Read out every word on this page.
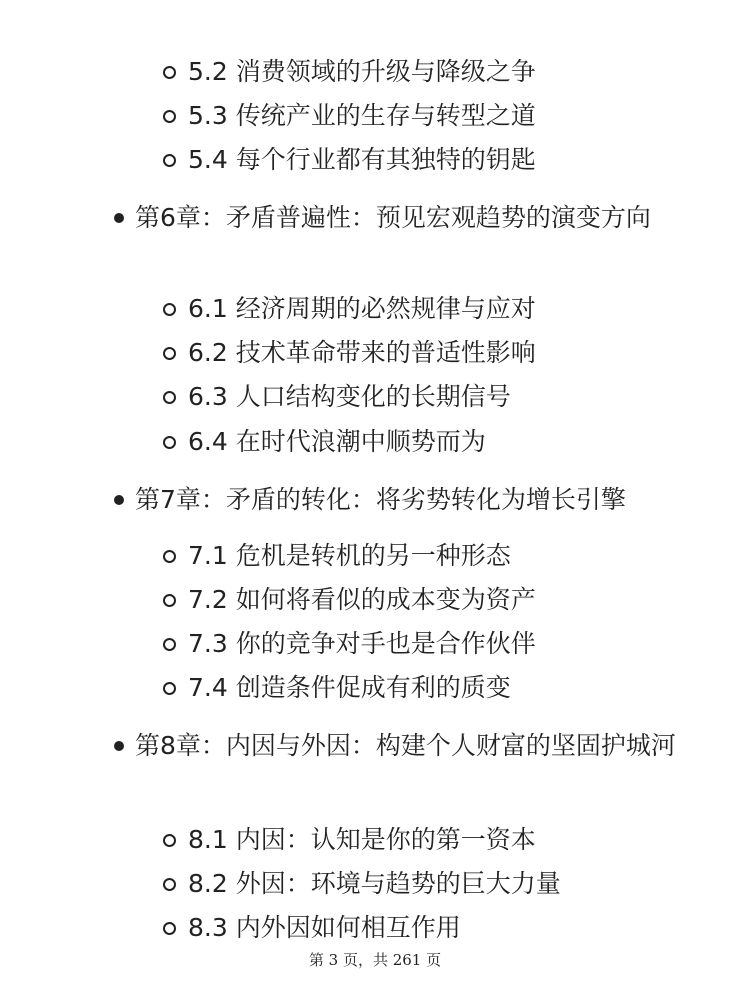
5.2 消费领域的升级与降级之争
5.3 传统产业的生存与转型之道
5.4 每个行业都有其独特的钥匙
第6章：矛盾普遍性：预见宏观趋势的演变方向
6.1 经济周期的必然规律与应对
6.2 技术革命带来的普适性影响
6.3 人口结构变化的长期信号
6.4 在时代浪潮中顺势而为
第7章：矛盾的转化：将劣势转化为增长引擎
7.1 危机是转机的另一种形态
7.2 如何将看似的成本变为资产
7.3 你的竞争对手也是合作伙伴
7.4 创造条件促成有利的质变
第8章：内因与外因：构建个人财富的坚固护城河
8.1 内因：认知是你的第一资本
8.2 外因：环境与趋势的巨大力量
8.3 内外因如何相互作用
第 3 页，共 261 页
